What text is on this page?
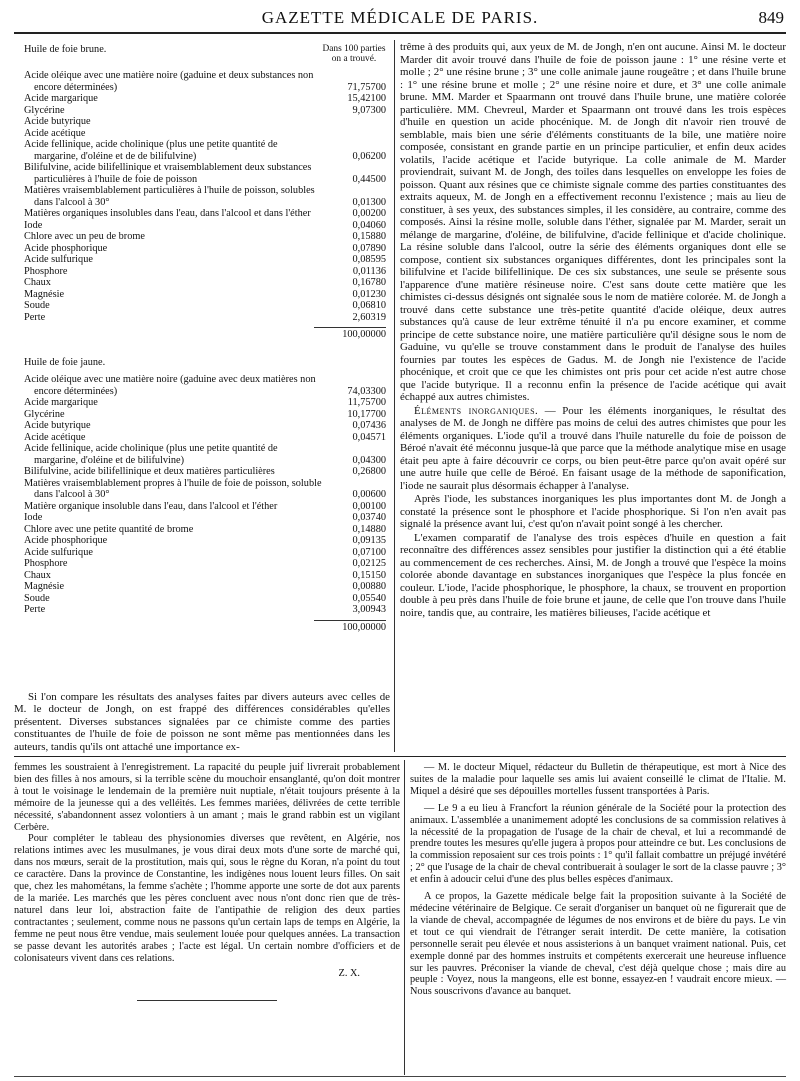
GAZETTE MÉDICALE DE PARIS.	849
Huile de foie brune.	Dans 100 parties on a trouvé.
Acide oléique avec une matière noire (gaduine et deux substances non encore déterminées)	71,75700
Acide margarique	15,42100
Glycérine	9,07300
Acide butyrique
Acide acétique
Acide fellinique, acide cholinique (plus une petite quantité de margarine, d'oléine et de de bilifulvine)	0,06200
Bilifulvine, acide bilifellinique et vraisemblablement deux substances particulières à l'huile de foie de poisson	0,44500
Matières vraisemblablement particulières à l'huile de poisson, solubles dans l'alcool à 30°	0,01300
Matières organiques insolubles dans l'eau, dans l'alcool et dans l'éther	0,00200
Iode	0,04060
Chlore avec un peu de brome	0,15880
Acide phosphorique	0,07890
Acide sulfurique	0,08595
Phosphore	0,01136
Chaux	0,16780
Magnésie	0,01230
Soude	0,06810
Perte	2,60319
100,00000
Huile de foie jaune.
Acide oléique avec une matière noire (gaduine avec deux matières non encore déterminées)	74,03300
Acide margarique	11,75700
Glycérine	10,17700
Acide butyrique	0,07436
Acide acétique	0,04571
Acide fellinique, acide cholinique (plus une petite quantité de margarine, d'oléine et de bilifulvine)	0,04300
Bilifulvine, acide bilifellinique et deux matières particulières	0,26800
Matières vraisemblablement propres à l'huile de foie de poisson, soluble dans l'alcool à 30°	0,00600
Matière organique insoluble dans l'eau, dans l'alcool et l'éther	0,00100
Iode	0,03740
Chlore avec une petite quantité de brome	0,14880
Acide phosphorique	0,09135
Acide sulfurique	0,07100
Phosphore	0,02125
Chaux	0,15150
Magnésie	0,00880
Soude	0,05540
Perte	3,00943
100,00000
Si l'on compare les résultats des analyses faites par divers auteurs avec celles de M. le docteur de Jongh, on est frappé des différences considérables qu'elles présentent. Diverses substances signalées par ce chimiste comme des parties constituantes de l'huile de foie de poisson ne sont même pas mentionnées dans les auteurs, tandis qu'ils ont attaché une importance ex-

trême à des produits qui, aux yeux de M. de Jongh, n'en ont aucune. Ainsi M. le docteur Marder dit avoir trouvé dans l'huile de foie de poisson jaune : 1° une résine verte et molle ; 2° une résine brune ; 3° une colle animale jaune rougeâtre ; et dans l'huile brune : 1° une résine brune et molle ; 2° une résine noire et dure, et 3° une colle animale brune. MM. Marder et Spaarmann ont trouvé dans l'huile brune, une matière colorée particulière. MM. Chevreul, Marder et Spaarmann ont trouvé dans les trois espèces d'huile en question un acide phocénique. M. de Jongh dit n'avoir rien trouvé de semblable, mais bien une série d'éléments constituants de la bile, une matière noire composée, consistant en grande partie en un principe particulier, et enfin deux acides volatils, l'acide acétique et l'acide butyrique. La colle animale de M. Marder proviendrait, suivant M. de Jongh, des toiles dans lesquelles on enveloppe les foies de poisson. Quant aux résines que ce chimiste signale comme des parties constituantes des extraits aqueux, M. de Jongh en a effectivement reconnu l'existence ; mais au lieu de constituer, à ses yeux, des substances simples, il les considère, au contraire, comme des composés. Ainsi la résine molle, soluble dans l'éther, signalée par M. Marder, serait un mélange de margarine, d'oléine, de bilifulvine, d'acide fellinique et d'acide cholinique. La résine soluble dans l'alcool, outre la série des éléments organiques dont elle se compose, contient six substances organiques différentes, dont les principales sont la bilifulvine et l'acide bilifellinique. De ces six substances, une seule se présente sous l'apparence d'une matière résineuse noire. C'est sans doute cette matière que les chimistes ci-dessus désignés ont signalée sous le nom de matière colorée. M. de Jongh a trouvé dans cette substance une très-petite quantité d'acide oléique, deux autres substances qu'à cause de leur extrême ténuité il n'a pu encore examiner, et comme principe de cette substance noire, une matière particulière qu'il désigne sous le nom de Gaduine, vu qu'elle se trouve constamment dans le produit de l'analyse des huiles fournies par toutes les espèces de Gadus. M. de Jongh nie l'existence de l'acide phocénique, et croit que ce que les chimistes ont pris pour cet acide n'est autre chose que l'acide butyrique. Il a reconnu enfin la présence de l'acide acétique qui avait échappé aux autres chimistes.

Éléments inorganiques. — Pour les éléments inorganiques, le résultat des analyses de M. de Jongh ne diffère pas moins de celui des autres chimistes que pour les éléments organiques. L'iode qu'il a trouvé dans l'huile naturelle du foie de poisson de Béroé n'avait été méconnu jusque-là que parce que la méthode analytique mise en usage était peu apte à faire découvrir ce corps, ou bien peut-être parce qu'on avait opéré sur une autre huile que celle de Béroé. En faisant usage de la méthode de saponification, l'iode ne saurait plus désormais échapper à l'analyse.

Après l'iode, les substances inorganiques les plus importantes dont M. de Jongh a constaté la présence sont le phosphore et l'acide phosphorique. Si l'on n'en avait pas signalé la présence avant lui, c'est qu'on n'avait point songé à les chercher.

L'examen comparatif de l'analyse des trois espèces d'huile en question a fait reconnaître des différences assez sensibles pour justifier la distinction qui a été établie au commencement de ces recherches. Ainsi, M. de Jongh a trouvé que l'espèce la moins colorée abonde davantage en substances inorganiques que l'espèce la plus foncée en couleur. L'iode, l'acide phosphorique, le phosphore, la chaux, se trouvent en proportion double à peu près dans l'huile de foie brune et jaune, de celle que l'on trouve dans l'huile noire, tandis que, au contraire, les matières bilieuses, l'acide acétique et

femmes les soustraient à l'enregistrement. La rapacité du peuple juif livrerait probablement bien des filles à nos amours, si la terrible scène du mouchoir ensanglanté, qu'on doit montrer à tout le voisinage le lendemain de la première nuit nuptiale, n'était toujours présente à la mémoire de la jeunesse qui a des velléités. Les femmes mariées, délivrées de cette terrible nécessité, s'abandonnent assez volontiers à un amant ; mais le grand rabbin est un vigilant Cerbère.

Pour compléter le tableau des physionomies diverses que revêtent, en Algérie, nos relations intimes avec les musulmanes, je vous dirai deux mots d'une sorte de marché qui, dans nos mœurs, serait de la prostitution, mais qui, sous le règne du Koran, n'a point du tout ce caractère. Dans la province de Constantine, les indigènes nous louent leurs filles. On sait que, chez les mahométans, la femme s'achète ; l'homme apporte une sorte de dot aux parents de la mariée. Les marchés que les pères concluent avec nous n'ont donc rien que de très-naturel dans leur loi, abstraction faite de l'antipathie de religion des deux parties contractantes ; seulement, comme nous ne passons qu'un certain laps de temps en Algérie, la femme ne peut nous être vendue, mais seulement louée pour quelques années. La transaction se passe devant les autorités arabes ; l'acte est légal. Un certain nombre d'officiers et de colonisateurs vivent dans ces relations.

Z. X.

— M. le docteur Miquel, rédacteur du Bulletin de thérapeutique, est mort à Nice des suites de la maladie pour laquelle ses amis lui avaient conseillé le climat de l'Italie. M. Miquel a désiré que ses dépouilles mortelles fussent transportées à Paris.

— Le 9 a eu lieu à Francfort la réunion générale de la Société pour la protection des animaux. L'assemblée a unanimement adopté les conclusions de sa commission relatives à la nécessité de la propagation de l'usage de la chair de cheval, et lui a recommandé de prendre toutes les mesures qu'elle jugera à propos pour atteindre ce but. Les conclusions de la commission reposaient sur ces trois points : 1° qu'il fallait combattre un préjugé invétéré ; 2° que l'usage de la chair de cheval contribuerait à soulager le sort de la classe pauvre ; 3° et enfin à adoucir celui d'une des plus belles espèces d'animaux.

A ce propos, la Gazette médicale belge fait la proposition suivante à la Société de médecine vétérinaire de Belgique. Ce serait d'organiser un banquet où ne figurerait que de la viande de cheval, accompagnée de légumes de nos environs et de bière du pays. Le vin et tout ce qui viendrait de l'étranger serait interdit. De cette manière, la cotisation personnelle serait peu élevée et nous assisterions à un banquet vraiment national. Puis, cet exemple donné par des hommes instruits et compétents exercerait une heureuse influence sur les pauvres. Préconiser la viande de cheval, c'est déjà quelque chose ; mais dire au peuple : Voyez, nous la mangeons, elle est bonne, essayez-en ! vaudrait encore mieux. — Nous souscrivons d'avance au banquet.
